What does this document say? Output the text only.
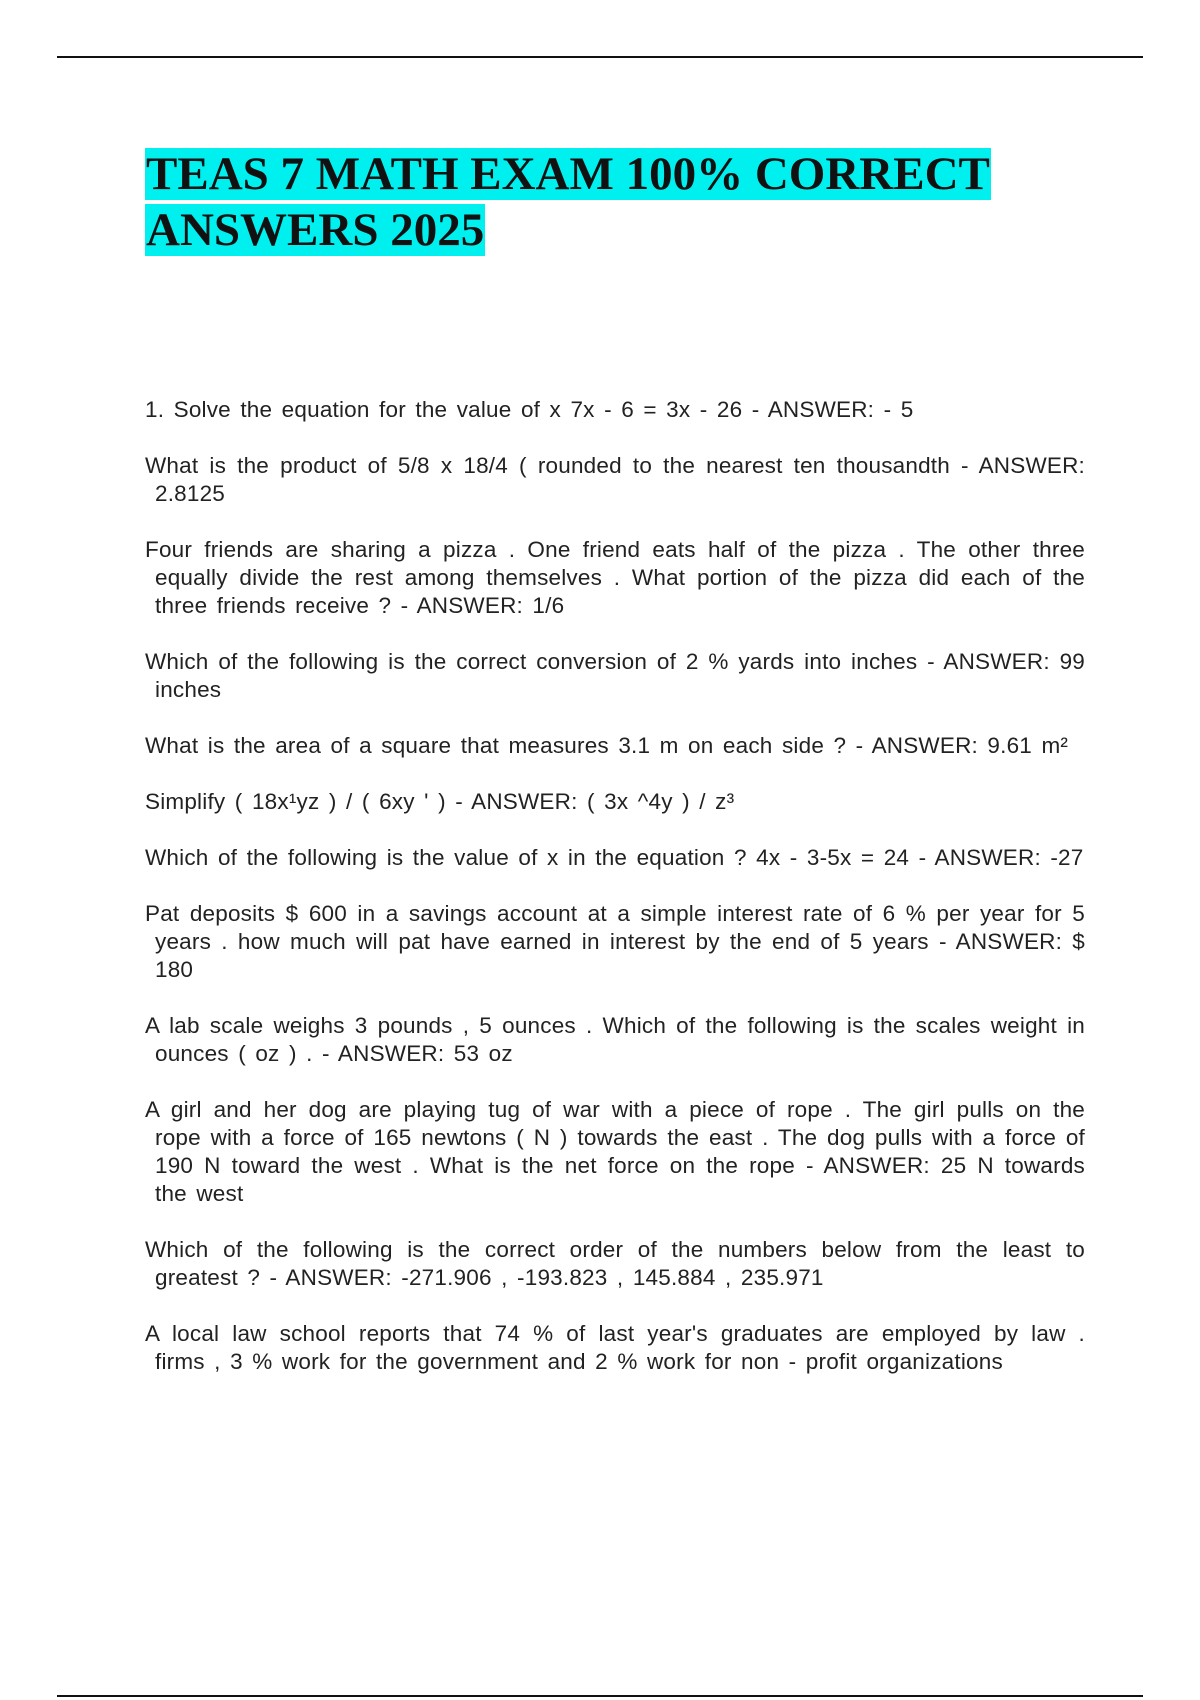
TEAS 7 MATH EXAM 100% CORRECT
ANSWERS 2025
1. Solve the equation for the value of x 7x - 6 = 3x - 26 - ANSWER: - 5
What is the product of 5/8 x 18/4 ( rounded to the nearest ten thousandth - ANSWER: 2.8125
Four friends are sharing a pizza . One friend eats half of the pizza . The other three equally divide the rest among themselves . What portion of the pizza did each of the three friends receive ? - ANSWER: 1/6
Which of the following is the correct conversion of 2 % yards into inches - ANSWER: 99 inches
What is the area of a square that measures 3.1 m on each side ? - ANSWER: 9.61 m²
Simplify ( 18x¹yz ) / ( 6xy ' ) - ANSWER: ( 3x ^4y ) / z³
Which of the following is the value of x in the equation ? 4x - 3-5x = 24 - ANSWER: -27
Pat deposits $ 600 in a savings account at a simple interest rate of 6 % per year for 5 years . how much will pat have earned in interest by the end of 5 years - ANSWER: $ 180
A lab scale weighs 3 pounds , 5 ounces . Which of the following is the scales weight in ounces ( oz ) . - ANSWER: 53 oz
A girl and her dog are playing tug of war with a piece of rope . The girl pulls on the rope with a force of 165 newtons ( N ) towards the east . The dog pulls with a force of 190 N toward the west . What is the net force on the rope - ANSWER: 25 N towards the west
Which of the following is the correct order of the numbers below from the least to greatest ? - ANSWER: -271.906 , -193.823 , 145.884 , 235.971
A local law school reports that 74 % of last year's graduates are employed by law . firms , 3 % work for the government and 2 % work for non - profit organizations
